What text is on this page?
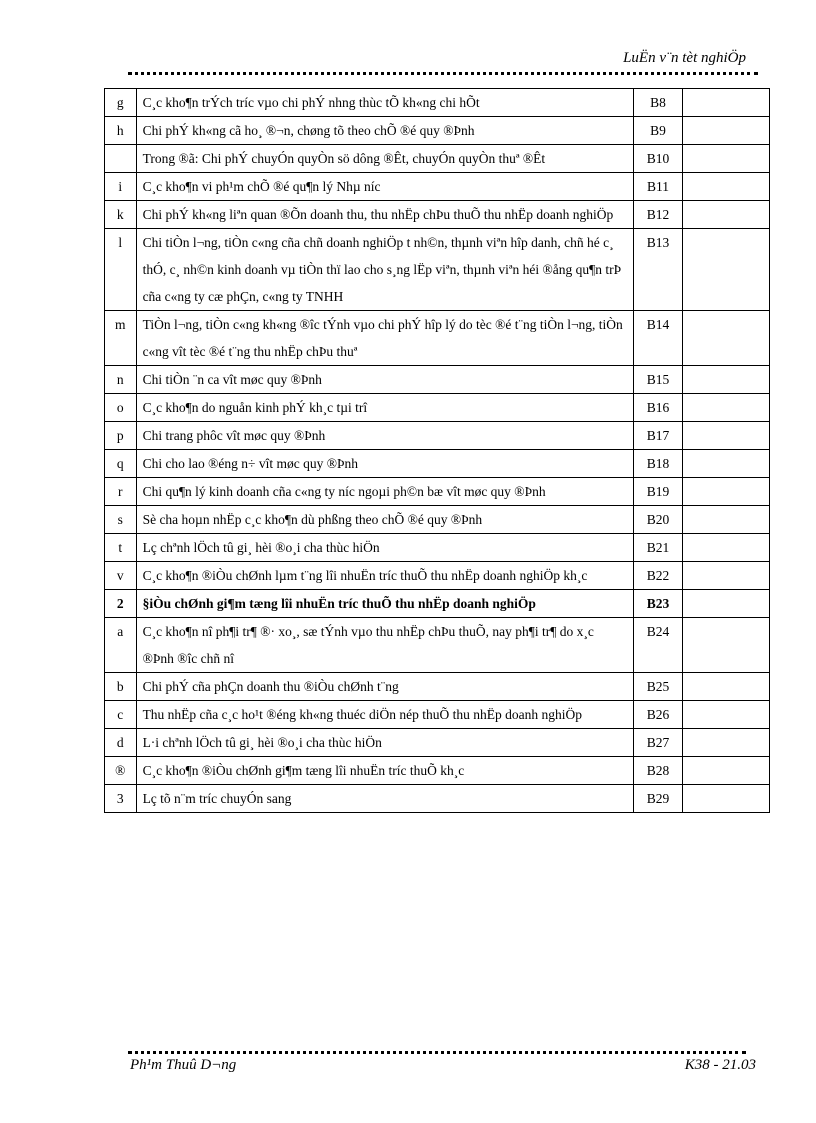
LuËn v¨n tèt nghiÖp
g	C¸c kho¶n trÝch tríc vµo chi phÝ nhng thùc tÕ kh«ng chi hÕt	B8	
h	Chi phÝ kh«ng cã ho¸ ®¬n, chøng tõ theo chÕ ®é quy ®Þnh	B9	
	Trong ®ã: Chi phÝ chuyÓn quyÒn sö dông ®Êt, chuyÓn quyÒn thuª ®Êt	B10	
i	C¸c kho¶n vi ph¹m chÕ ®é qu¶n lý Nhµ níc	B11	
k	Chi phÝ kh«ng liªn quan ®Õn doanh thu, thu nhËp chÞu thuÕ thu nhËp doanh nghiÖp	B12	
l	Chi tiÒn l¬ng, tiÒn c«ng cña chñ doanh nghiÖp t nh©n, thµnh viªn hîp danh, chñ hé c¸ thÓ, c¸ nh©n kinh doanh vµ tiÒn thï lao cho s¸ng lËp viªn, thµnh viªn héi ®ång qu¶n trÞ cña c«ng ty cæ phÇn, c«ng ty TNHH	B13	
m	TiÒn l¬ng, tiÒn c«ng kh«ng ®îc tÝnh vµo chi phÝ hîp lý do tèc ®é t¨ng tiÒn l¬ng, tiÒn c«ng vît tèc ®é t¨ng thu nhËp chÞu thuª	B14	
n	Chi tiÒn ¨n ca vît møc quy ®Þnh	B15	
o	C¸c kho¶n do nguån kinh phÝ kh¸c tµi trî	B16	
p	Chi trang phôc vît møc quy ®Þnh	B17	
q	Chi cho lao ®éng n÷ vît møc quy ®Þnh	B18	
r	Chi qu¶n lý kinh doanh cña c«ng ty níc ngoµi ph©n bæ vît møc quy ®Þnh	B19	
s	Sè cha hoµn nhËp c¸c kho¶n dù phßng theo chÕ ®é quy ®Þnh	B20	
t	Lç chªnh lÖch tû gi¸ hèi ®o¸i cha thùc hiÖn	B21	
v	C¸c kho¶n ®iÒu chØnh lµm t¨ng lîi nhuËn tríc thuÕ thu nhËp doanh nghiÖp kh¸c	B22	
2	§iÒu chØnh gi¶m tæng lîi nhuËn tríc thuÕ thu nhËp doanh nghiÖp	B23	
a	C¸c kho¶n nî ph¶i tr¶ ®· xo¸, sæ tÝnh vµo thu nhËp chÞu thuÕ, nay ph¶i tr¶ do x¸c ®Þnh ®îc chñ nî	B24	
b	Chi phÝ cña phÇn doanh thu ®iÒu chØnh t¨ng	B25	
c	Thu nhËp cña c¸c ho¹t ®éng kh«ng thuéc diÖn nép thuÕ thu nhËp doanh nghiÖp	B26	
d	L·i chªnh lÖch tû gi¸ hèi ®o¸i cha thùc hiÖn	B27	
®	C¸c kho¶n ®iÒu chØnh gi¶m tæng lîi nhuËn tríc thuÕ kh¸c	B28	
3	Lç tõ n¨m tríc chuyÓn sang	B29	
Ph¹m Thuû D¬ng	K38 - 21.03
